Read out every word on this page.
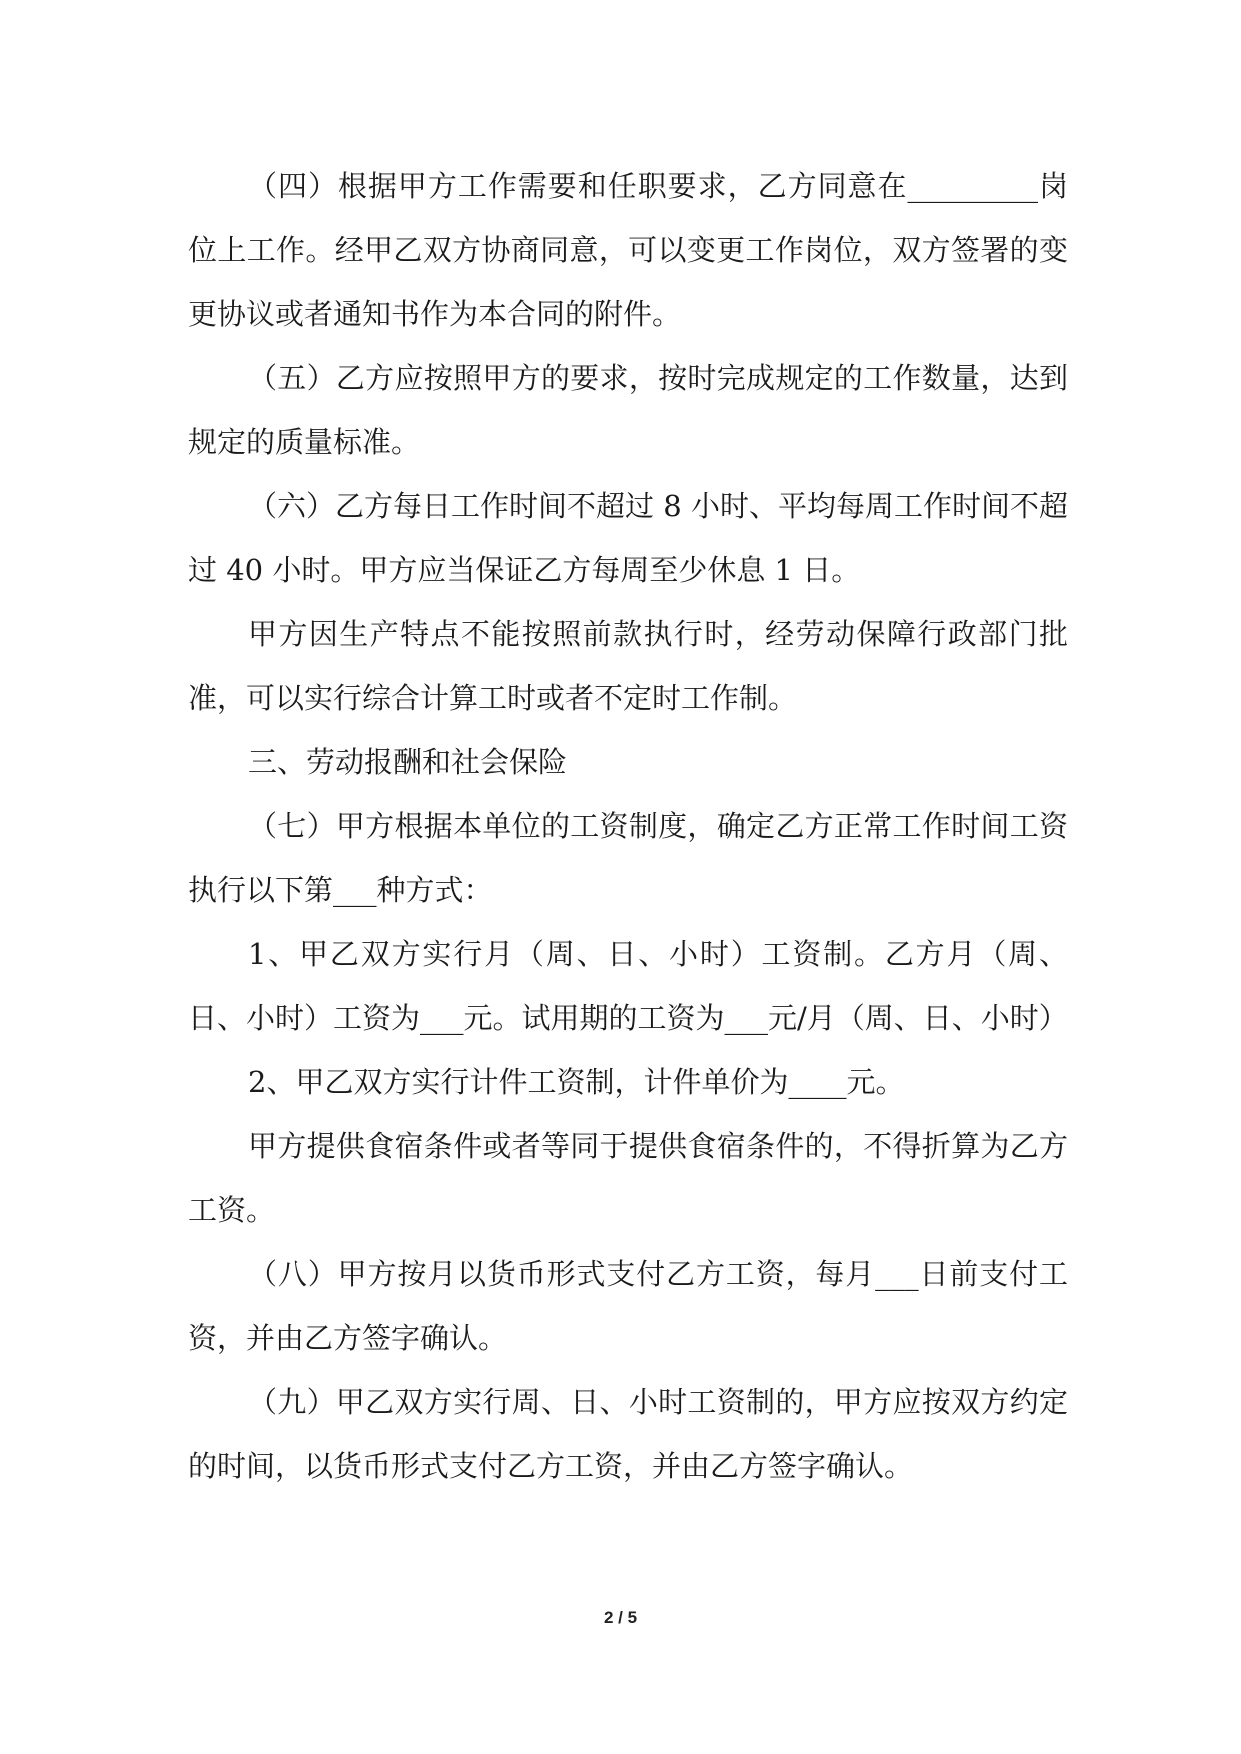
（四）根据甲方工作需要和任职要求，乙方同意在_________岗位上工作。经甲乙双方协商同意，可以变更工作岗位，双方签署的变更协议或者通知书作为本合同的附件。

（五）乙方应按照甲方的要求，按时完成规定的工作数量，达到规定的质量标准。

（六）乙方每日工作时间不超过 8 小时、平均每周工作时间不超过 40 小时。甲方应当保证乙方每周至少休息 1 日。

甲方因生产特点不能按照前款执行时，经劳动保障行政部门批准，可以实行综合计算工时或者不定时工作制。

三、劳动报酬和社会保险

（七）甲方根据本单位的工资制度，确定乙方正常工作时间工资执行以下第___种方式：

1、甲乙双方实行月（周、日、小时）工资制。乙方月（周、日、小时）工资为___元。试用期的工资为___元/月（周、日、小时）

2、甲乙双方实行计件工资制，计件单价为____元。

甲方提供食宿条件或者等同于提供食宿条件的，不得折算为乙方工资。

（八）甲方按月以货币形式支付乙方工资，每月___日前支付工资，并由乙方签字确认。

（九）甲乙双方实行周、日、小时工资制的，甲方应按双方约定的时间，以货币形式支付乙方工资，并由乙方签字确认。

2 / 5
